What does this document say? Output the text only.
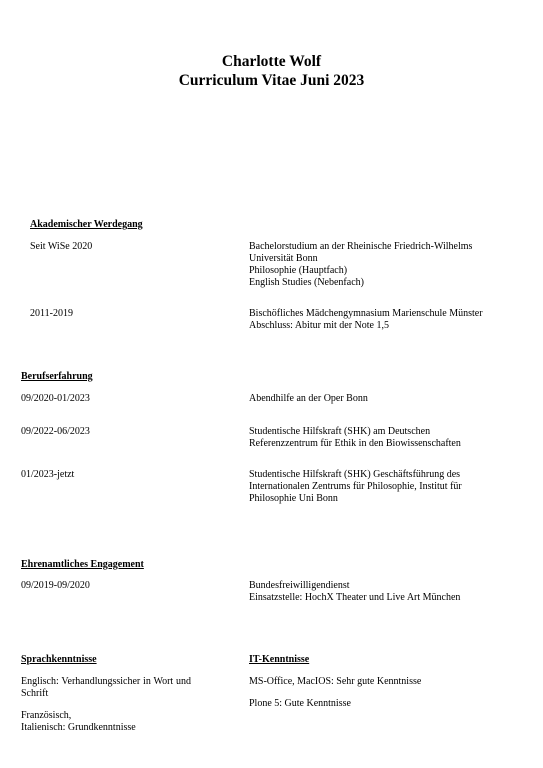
Charlotte Wolf
Curriculum Vitae Juni 2023
Akademischer Werdegang
Seit WiSe 2020	Bachelorstudium an der Rheinische Friedrich-Wilhelms
Universität Bonn
Philosophie (Hauptfach)
English Studies (Nebenfach)
2011-2019	Bischöfliches Mädchengymnasium Marienschule Münster
Abschluss: Abitur mit der Note 1,5
Berufserfahrung
09/2020-01/2023	Abendhilfe an der Oper Bonn
09/2022-06/2023	Studentische Hilfskraft (SHK) am Deutschen
Referenzzentrum für Ethik in den Biowissenschaften
01/2023-jetzt	Studentische Hilfskraft (SHK) Geschäftsführung des
Internationalen Zentrums für Philosophie, Institut für
Philosophie Uni Bonn
Ehrenamtliches Engagement
09/2019-09/2020	Bundesfreiwilligendienst
Einsatzstelle: HochX Theater und Live Art München
Sprachkenntnisse
Englisch: Verhandlungssicher in Wort und Schrift
Französisch,
Italienisch: Grundkenntnisse
IT-Kenntnisse
MS-Office, MacIOS: Sehr gute Kenntnisse
Plone 5: Gute Kenntnisse
